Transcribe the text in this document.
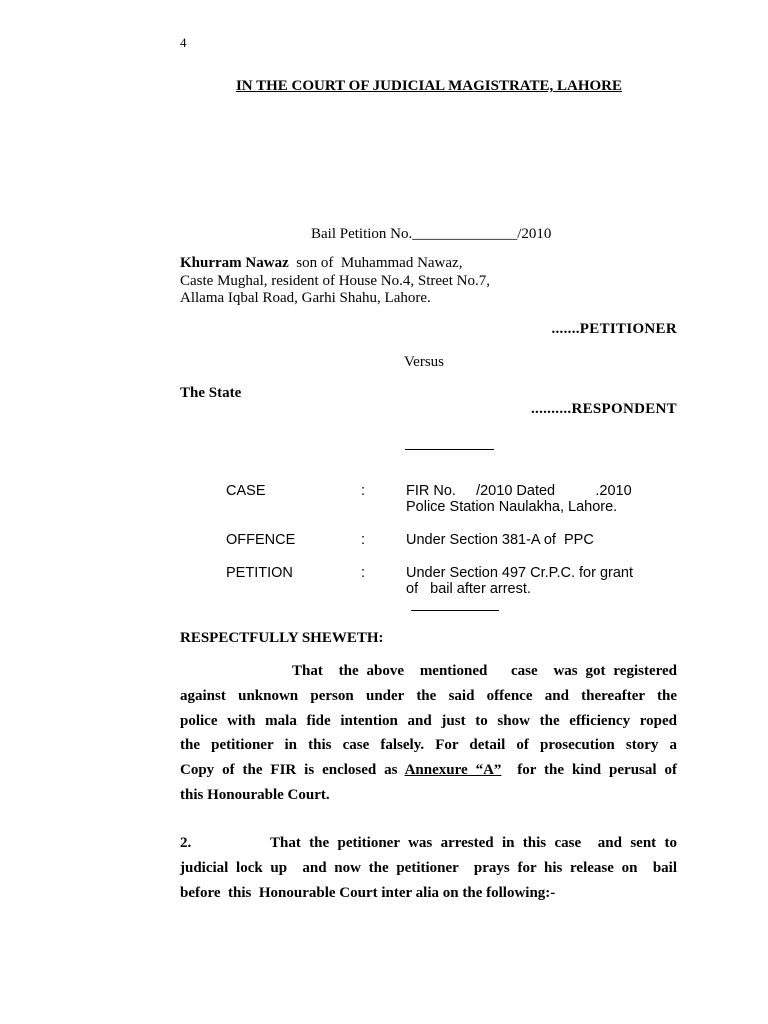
4
IN THE COURT OF JUDICIAL MAGISTRATE, LAHORE
Bail Petition No.______________/2010
Khurram Nawaz  son of  Muhammad Nawaz,
Caste Mughal, resident of House No.4, Street No.7,
Allama Iqbal Road, Garhi Shahu, Lahore.
.......PETITIONER
Versus
The State
..........RESPONDENT
CASE	:	FIR No.     /2010 Dated          .2010
Police Station Naulakha, Lahore.
OFFENCE	:	Under Section 381-A of  PPC
PETITION	:	Under Section 497 Cr.P.C. for grant
of   bail after arrest.
RESPECTFULLY SHEWETH:
That  the above  mentioned   case  was got registered
against unknown person under the said offence and thereafter the
police with mala fide intention and just to show the efficiency roped
the petitioner in this case falsely. For detail of prosecution story a
Copy of the FIR is enclosed as Annexure “A”  for the kind perusal of
this Honourable Court.
2.	That the petitioner was arrested in this case  and sent to
judicial lock up  and now the petitioner  prays for his release on  bail
before  this  Honourable Court inter alia on the following:-
